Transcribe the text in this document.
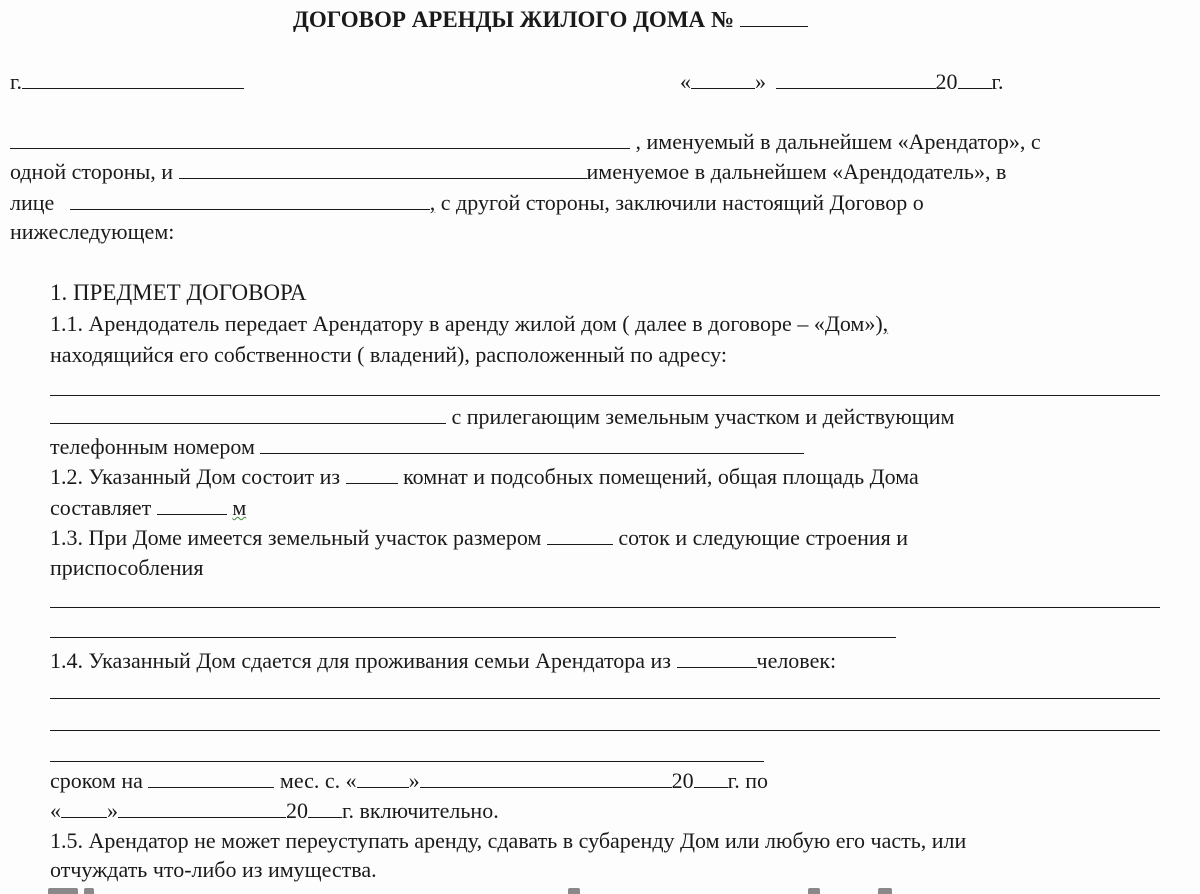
ДОГОВОР АРЕНДЫ ЖИЛОГО ДОМА №
г.	«	»	20 г.
, именуемый в дальнейшем «Арендатор», с
одной стороны, и	именуемое в дальнейшем «Арендодатель», в
лице	, с другой стороны, заключили настоящий Договор о
нижеследующем:
1. ПРЕДМЕТ ДОГОВОРА
1.1. Арендодатель передает Арендатору в аренду жилой дом ( далее в договоре – «Дом»),
находящийся его собственности ( владений), расположенный по адресу:
с прилегающим земельным участком и действующим
телефонным номером
1.2. Указанный Дом состоит из	комнат и подсобных помещений, общая площадь Дома
составляет	м
1.3. При Доме имеется земельный участок размером	соток и следующие строения и
приспособления
1.4. Указанный Дом сдается для проживания семьи Арендатора из	человек:
сроком на	мес. с. « »	20 г. по
« »	20 г. включительно.
1.5. Арендатор не может переуступать аренду, сдавать в субаренду Дом или любую его часть, или
отчуждать что-либо из имущества.
